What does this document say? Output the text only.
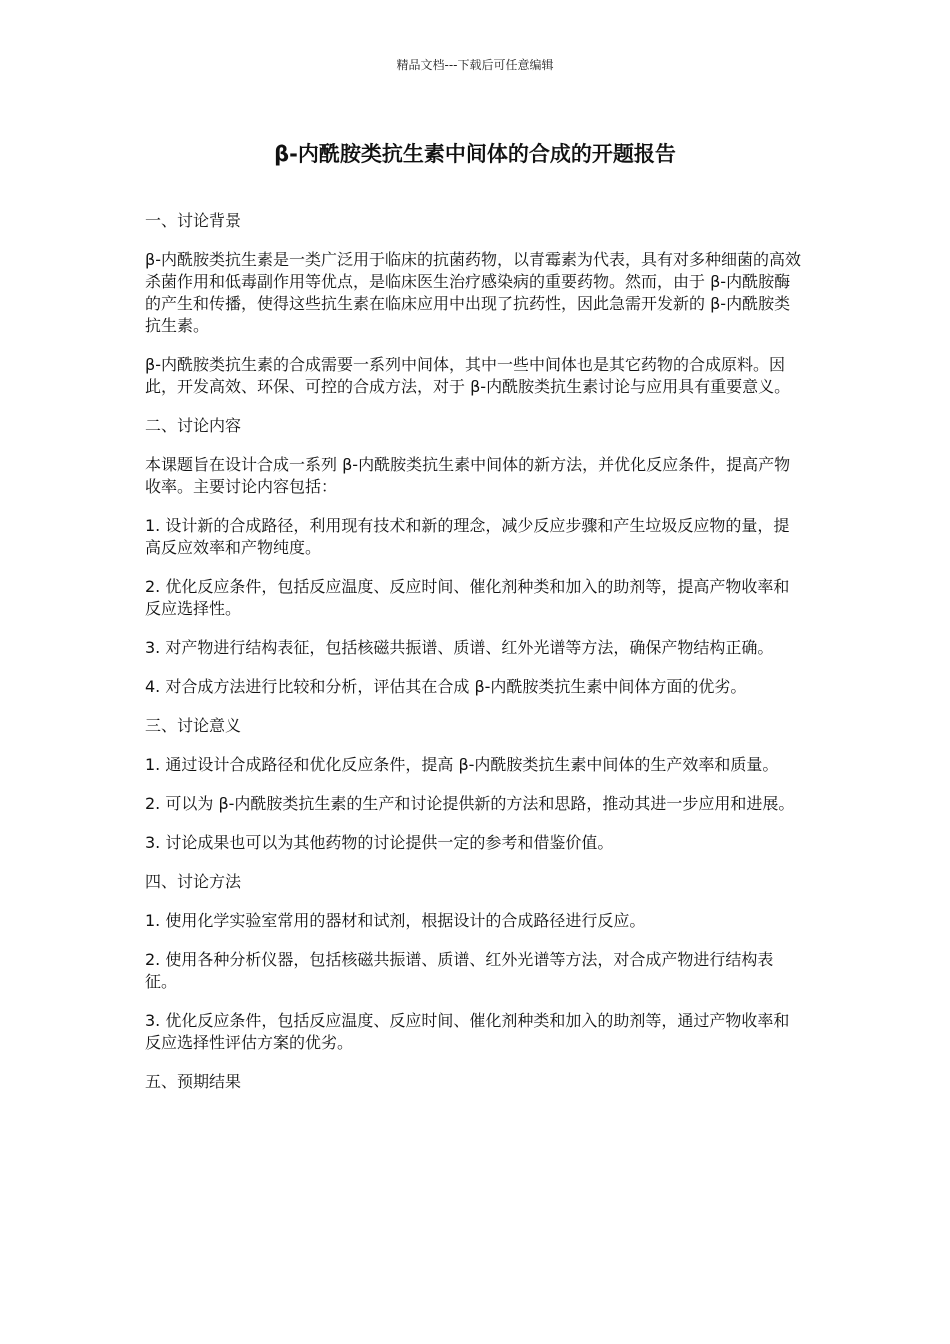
精品文档---下载后可任意编辑
β-内酰胺类抗生素中间体的合成的开题报告

一、讨论背景

β-内酰胺类抗生素是一类广泛用于临床的抗菌药物，以青霉素为代表，具有对多种细菌的高效杀菌作用和低毒副作用等优点，是临床医生治疗感染病的重要药物。然而，由于 β-内酰胺酶的产生和传播，使得这些抗生素在临床应用中出现了抗药性，因此急需开发新的 β-内酰胺类抗生素。

β-内酰胺类抗生素的合成需要一系列中间体，其中一些中间体也是其它药物的合成原料。因此，开发高效、环保、可控的合成方法，对于 β-内酰胺类抗生素讨论与应用具有重要意义。

二、讨论内容

本课题旨在设计合成一系列 β-内酰胺类抗生素中间体的新方法，并优化反应条件，提高产物收率。主要讨论内容包括：

1. 设计新的合成路径，利用现有技术和新的理念，减少反应步骤和产生垃圾反应物的量，提高反应效率和产物纯度。

2. 优化反应条件，包括反应温度、反应时间、催化剂种类和加入的助剂等，提高产物收率和反应选择性。

3. 对产物进行结构表征，包括核磁共振谱、质谱、红外光谱等方法，确保产物结构正确。

4. 对合成方法进行比较和分析，评估其在合成 β-内酰胺类抗生素中间体方面的优劣。

三、讨论意义

1. 通过设计合成路径和优化反应条件，提高 β-内酰胺类抗生素中间体的生产效率和质量。

2. 可以为 β-内酰胺类抗生素的生产和讨论提供新的方法和思路，推动其进一步应用和进展。

3. 讨论成果也可以为其他药物的讨论提供一定的参考和借鉴价值。

四、讨论方法

1. 使用化学实验室常用的器材和试剂，根据设计的合成路径进行反应。

2. 使用各种分析仪器，包括核磁共振谱、质谱、红外光谱等方法，对合成产物进行结构表征。

3. 优化反应条件，包括反应温度、反应时间、催化剂种类和加入的助剂等，通过产物收率和反应选择性评估方案的优劣。

五、预期结果
